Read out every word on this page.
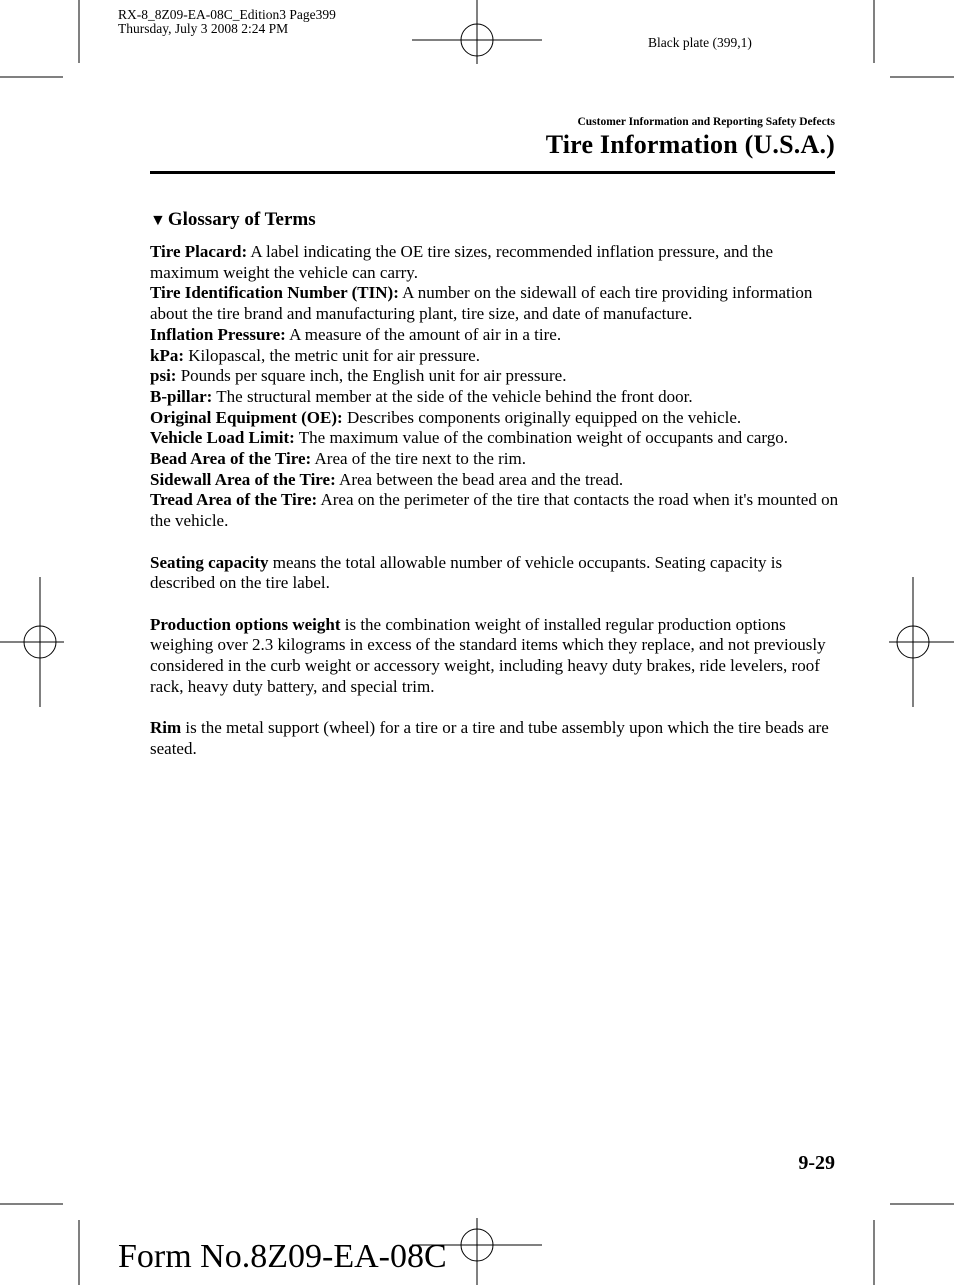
RX-8_8Z09-EA-08C_Edition3 Page399
Thursday, July 3 2008 2:24 PM
Black plate (399,1)
Customer Information and Reporting Safety Defects
Tire Information (U.S.A.)
▼ Glossary of Terms

Tire Placard: A label indicating the OE tire sizes, recommended inflation pressure, and the maximum weight the vehicle can carry.

Tire Identification Number (TIN): A number on the sidewall of each tire providing information about the tire brand and manufacturing plant, tire size, and date of manufacture.

Inflation Pressure: A measure of the amount of air in a tire.

kPa: Kilopascal, the metric unit for air pressure.

psi: Pounds per square inch, the English unit for air pressure.

B-pillar: The structural member at the side of the vehicle behind the front door.

Original Equipment (OE): Describes components originally equipped on the vehicle.

Vehicle Load Limit: The maximum value of the combination weight of occupants and cargo.

Bead Area of the Tire: Area of the tire next to the rim.

Sidewall Area of the Tire: Area between the bead area and the tread.

Tread Area of the Tire: Area on the perimeter of the tire that contacts the road when it's mounted on the vehicle.

Seating capacity means the total allowable number of vehicle occupants. Seating capacity is described on the tire label.

Production options weight is the combination weight of installed regular production options weighing over 2.3 kilograms in excess of the standard items which they replace, and not previously considered in the curb weight or accessory weight, including heavy duty brakes, ride levelers, roof rack, heavy duty battery, and special trim.

Rim is the metal support (wheel) for a tire or a tire and tube assembly upon which the tire beads are seated.

9-29
Form No.8Z09-EA-08C
